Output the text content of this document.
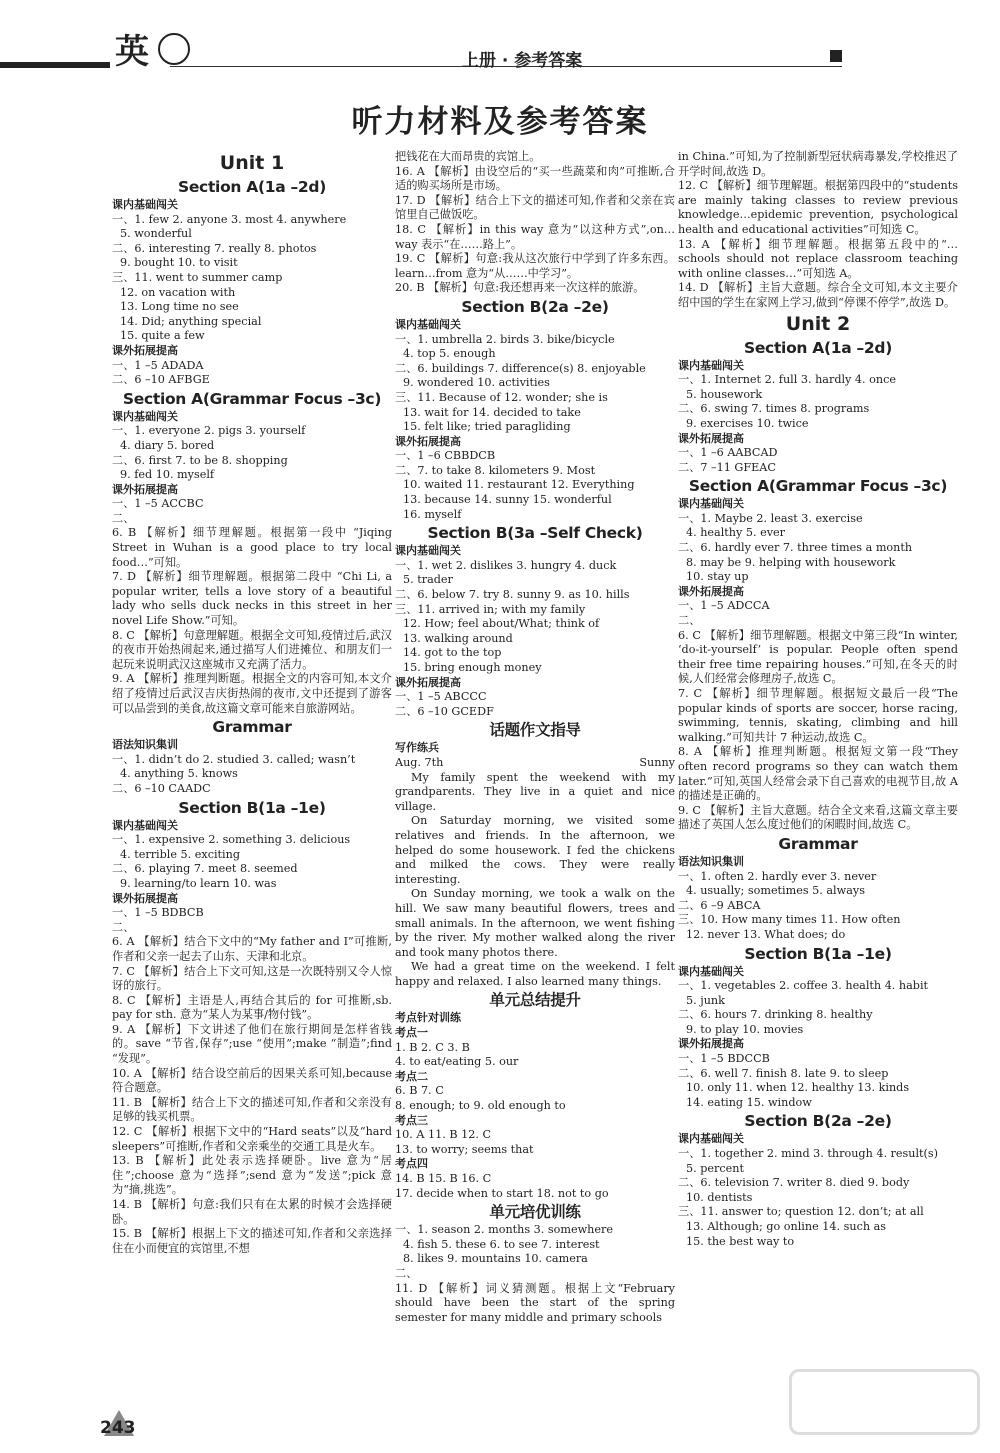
英	上册 · 参考答案
听力材料及参考答案
Unit 1
Section A(1a –2d)
课内基础闯关
一、1. few 2. anyone 3. most 4. anywhere
5. wonderful
二、6. interesting 7. really 8. photos
9. bought 10. to visit
三、11. went to summer camp
12. on vacation with
13. Long time no see
14. Did; anything special
15. quite a few
课外拓展提高
一、1 –5 ADADA
二、6 –10 AFBGE
Section A(Grammar Focus –3c)
课内基础闯关
一、1. everyone 2. pigs 3. yourself
4. diary 5. bored
二、6. first 7. to be 8. shopping
9. fed 10. myself
课外拓展提高
一、1 –5 ACCBC
二、
6. B 【解析】细节理解题。根据第一段中 “Jiqing Street in Wuhan is a good place to try local food…”可知。
7. D 【解析】细节理解题。根据第二段中 “Chi Li, a popular writer, tells a love story of a beautiful lady who sells duck necks in this street in her novel Life Show.”可知。
8. C 【解析】句意理解题。根据全文可知,疫情过后,武汉的夜市开始热闹起来,通过描写人们进摊位、和朋友们一起玩来说明武汉这座城市又充满了活力。
9. A 【解析】推理判断题。根据全文的内容可知,本文介绍了疫情过后武汉吉庆街热闹的夜市,文中还提到了游客可以品尝到的美食,故这篇文章可能来自旅游网站。
Grammar
语法知识集训
一、1. didn’t do 2. studied 3. called; wasn’t
4. anything 5. knows
二、6 –10 CAADC
Section B(1a –1e)
课内基础闯关
一、1. expensive 2. something 3. delicious
4. terrible 5. exciting
二、6. playing 7. meet 8. seemed
9. learning/to learn 10. was
课外拓展提高
一、1 –5 BDBCB
二、
6. A 【解析】结合下文中的“My father and I”可推断,作者和父亲一起去了山东、天津和北京。
7. C 【解析】结合上下文可知,这是一次既特别又令人惊讶的旅行。
8. C 【解析】主语是人,再结合其后的 for 可推断,sb. pay for sth. 意为“某人为某事/物付钱”。
9. A 【解析】下文讲述了他们在旅行期间是怎样省钱的。save “节省,保存”;use “使用”;make “制造”;find “发现”。
10. A 【解析】结合设空前后的因果关系可知,because 符合题意。
11. B 【解析】结合上下文的描述可知,作者和父亲没有足够的钱买机票。
12. C 【解析】根据下文中的“Hard seats”以及“hard sleepers”可推断,作者和父亲乘坐的交通工具是火车。
13. B 【解析】此处表示选择硬卧。live 意为“居住”;choose 意为“选择”;send 意为“发送”;pick 意为“摘,挑选”。
14. B 【解析】句意:我们只有在太累的时候才会选择硬卧。
15. B 【解析】根据上下文的描述可知,作者和父亲选择住在小而便宜的宾馆里,不想
把钱花在大而昂贵的宾馆上。
16. A 【解析】由设空后的“买一些蔬菜和肉”可推断,合适的购买场所是市场。
17. D 【解析】结合上下文的描述可知,作者和父亲在宾馆里自己做饭吃。
18. C 【解析】in this way 意为“以这种方式”,on…way 表示“在……路上”。
19. C 【解析】句意:我从这次旅行中学到了许多东西。learn…from 意为“从……中学习”。
20. B 【解析】句意:我还想再来一次这样的旅游。
Section B(2a –2e)
课内基础闯关
一、1. umbrella 2. birds 3. bike/bicycle
4. top 5. enough
二、6. buildings 7. difference(s) 8. enjoyable
9. wondered 10. activities
三、11. Because of 12. wonder; she is
13. wait for 14. decided to take
15. felt like; tried paragliding
课外拓展提高
一、1 –6 CBBDCB
二、7. to take 8. kilometers 9. Most
10. waited 11. restaurant 12. Everything
13. because 14. sunny 15. wonderful
16. myself
Section B(3a –Self Check)
课内基础闯关
一、1. wet 2. dislikes 3. hungry 4. duck
5. trader
二、6. below 7. try 8. sunny 9. as 10. hills
三、11. arrived in; with my family
12. How; feel about/What; think of
13. walking around
14. got to the top
15. bring enough money
课外拓展提高
一、1 –5 ABCCC
二、6 –10 GCEDF
话题作文指导
写作练兵
Aug. 7th	Sunny
My family spent the weekend with my grandparents. They live in a quiet and nice village.
On Saturday morning, we visited some relatives and friends. In the afternoon, we helped do some housework. I fed the chickens and milked the cows. They were really interesting.
On Sunday morning, we took a walk on the hill. We saw many beautiful flowers, trees and small animals. In the afternoon, we went fishing by the river. My mother walked along the river and took many photos there.
We had a great time on the weekend. I felt happy and relaxed. I also learned many things.
单元总结提升
考点针对训练
考点一
1. B 2. C 3. B
4. to eat/eating 5. our
考点二
6. B 7. C
8. enough; to 9. old enough to
考点三
10. A 11. B 12. C
13. to worry; seems that
考点四
14. B 15. B 16. C
17. decide when to start 18. not to go
单元培优训练
一、1. season 2. months 3. somewhere
4. fish 5. these 6. to see 7. interest
8. likes 9. mountains 10. camera
二、
11. D 【解析】词义猜测题。根据上文“February should have been the start of the spring semester for many middle and primary schools
in China.”可知,为了控制新型冠状病毒暴发,学校推迟了开学时间,故选 D。
12. C 【解析】细节理解题。根据第四段中的“students are mainly taking classes to review previous knowledge…epidemic prevention, psychological health and educational activities”可知选 C。
13. A 【解析】细节理解题。根据第五段中的“…schools should not replace classroom teaching with online classes…”可知选 A。
14. D 【解析】主旨大意题。综合全文可知,本文主要介绍中国的学生在家网上学习,做到“停课不停学”,故选 D。
Unit 2
Section A(1a –2d)
课内基础闯关
一、1. Internet 2. full 3. hardly 4. once
5. housework
二、6. swing 7. times 8. programs
9. exercises 10. twice
课外拓展提高
一、1 –6 AABCAD
二、7 –11 GFEAC
Section A(Grammar Focus –3c)
课内基础闯关
一、1. Maybe 2. least 3. exercise
4. healthy 5. ever
二、6. hardly ever 7. three times a month
8. may be 9. helping with housework
10. stay up
课外拓展提高
一、1 –5 ADCCA
二、
6. C 【解析】细节理解题。根据文中第三段“In winter, ‘do-it-yourself’ is popular. People often spend their free time repairing houses.”可知,在冬天的时候,人们经常会修理房子,故选 C。
7. C 【解析】细节理解题。根据短文最后一段“The popular kinds of sports are soccer, horse racing, swimming, tennis, skating, climbing and hill walking.”可知共计 7 种运动,故选 C。
8. A 【解析】推理判断题。根据短文第一段“They often record programs so they can watch them later.”可知,英国人经常会录下自己喜欢的电视节目,故 A 的描述是正确的。
9. C 【解析】主旨大意题。结合全文来看,这篇文章主要描述了英国人怎么度过他们的闲暇时间,故选 C。
Grammar
语法知识集训
一、1. often 2. hardly ever 3. never
4. usually; sometimes 5. always
二、6 –9 ABCA
三、10. How many times 11. How often
12. never 13. What does; do
Section B(1a –1e)
课内基础闯关
一、1. vegetables 2. coffee 3. health 4. habit
5. junk
二、6. hours 7. drinking 8. healthy
9. to play 10. movies
课外拓展提高
一、1 –5 BDCCB
二、6. well 7. finish 8. late 9. to sleep
10. only 11. when 12. healthy 13. kinds
14. eating 15. window
Section B(2a –2e)
课内基础闯关
一、1. together 2. mind 3. through 4. result(s)
5. percent
二、6. television 7. writer 8. died 9. body
10. dentists
三、11. answer to; question 12. don’t; at all
13. Although; go online 14. such as
15. the best way to
243
